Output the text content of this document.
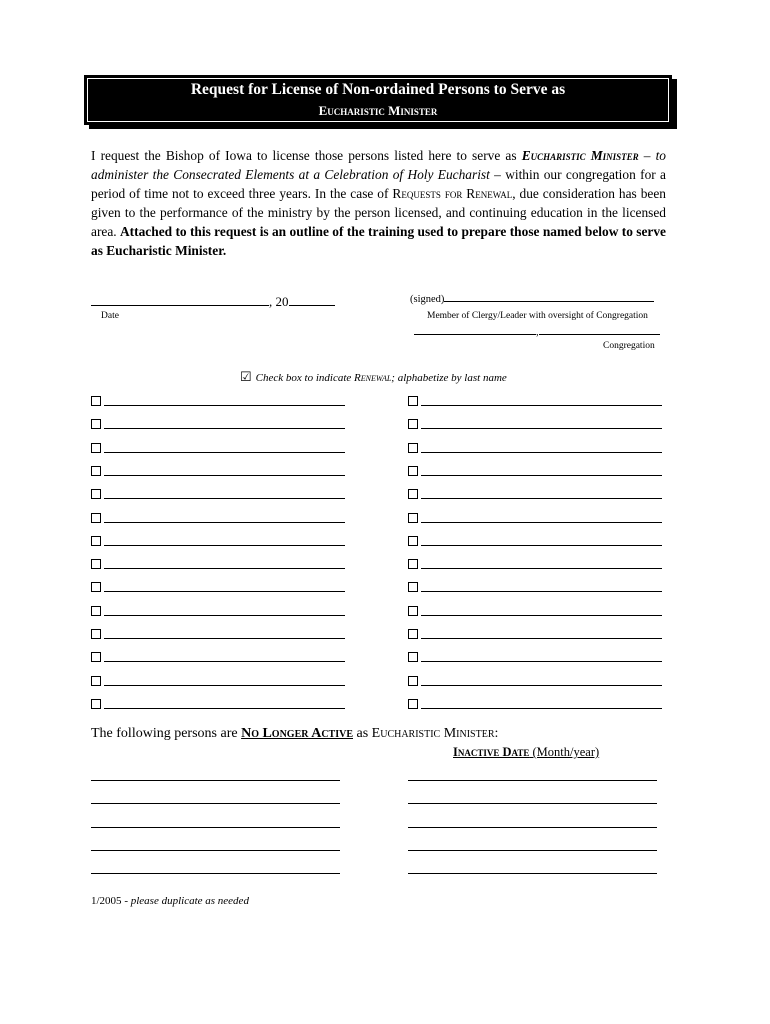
Request for License of Non-ordained Persons to Serve as
Eucharistic Minister
I request the Bishop of Iowa to license those persons listed here to serve as Eucharistic Minister – to administer the Consecrated Elements at a Celebration of Holy Eucharist – within our congregation for a period of time not to exceed three years. In the case of Requests for Renewal, due consideration has been given to the performance of the ministry by the person licensed, and continuing education in the licensed area. Attached to this request is an outline of the training used to prepare those named below to serve as Eucharistic Minister.
, 20
Date
(signed)
Member of Clergy/Leader with oversight of Congregation
,
Congregation
☑ Check box to indicate Renewal; alphabetize by last name
The following persons are No Longer Active as Eucharistic Minister:
Inactive Date (Month/year)
1/2005 - please duplicate as needed
